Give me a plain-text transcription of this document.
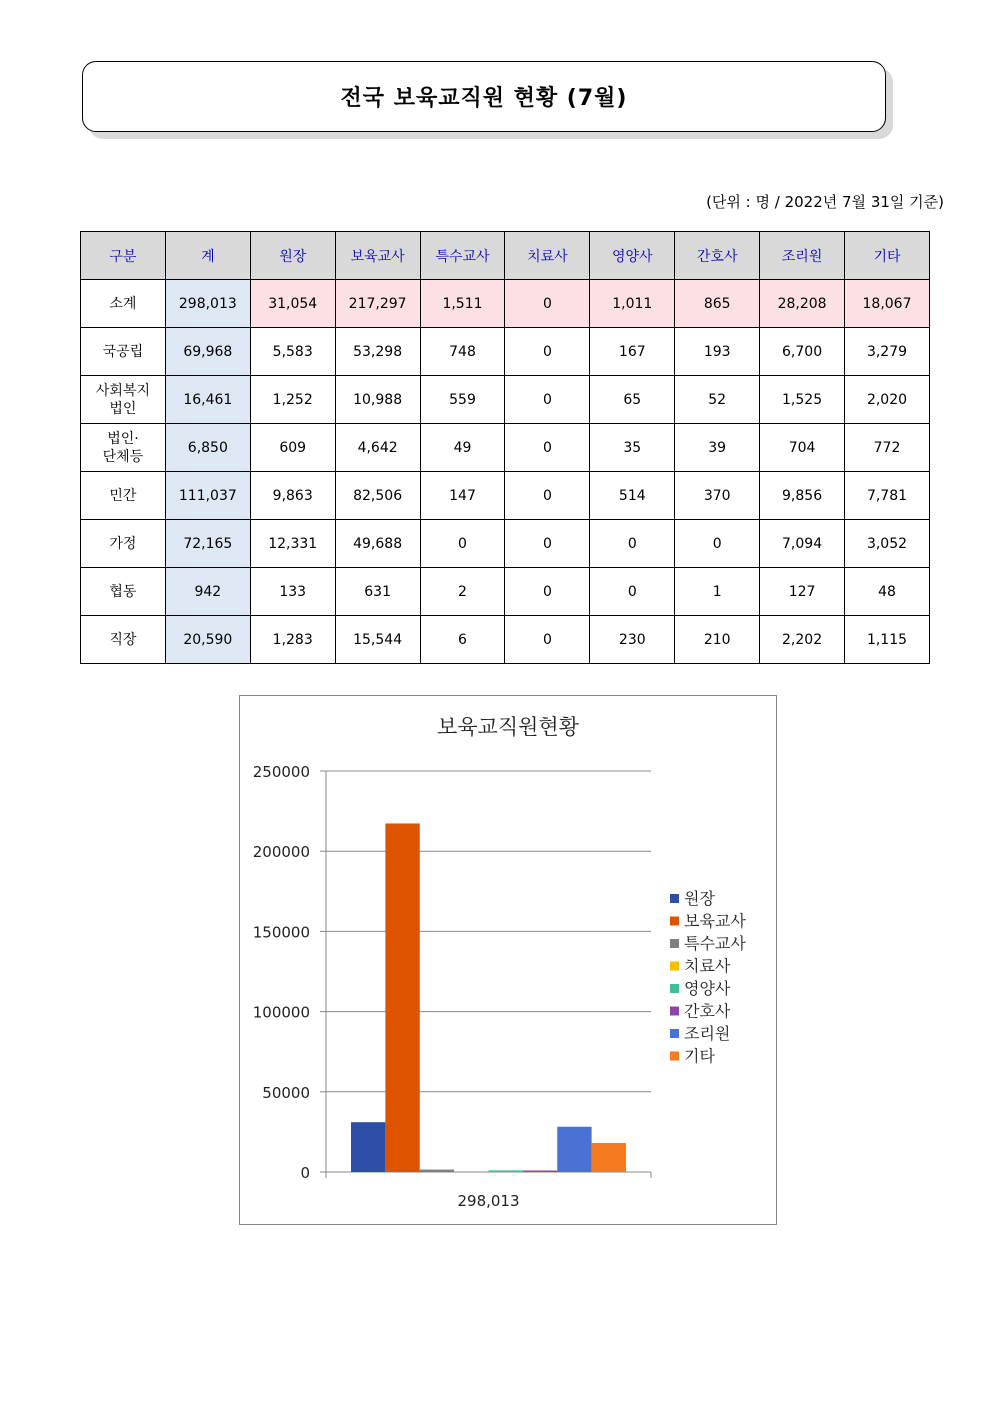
전국 보육교직원 현황 (7월)
(단위 : 명 / 2022년 7월 31일 기준)
구분	계	원장	보육교사	특수교사	치료사	영양사	간호사	조리원	기타
소계	298,013	31,054	217,297	1,511	0	1,011	865	28,208	18,067
국공립	69,968	5,583	53,298	748	0	167	193	6,700	3,279
사회복지
법인	16,461	1,252	10,988	559	0	65	52	1,525	2,020
법인·
단체등	6,850	609	4,642	49	0	35	39	704	772
민간	111,037	9,863	82,506	147	0	514	370	9,856	7,781
가정	72,165	12,331	49,688	0	0	0	0	7,094	3,052
협동	942	133	631	2	0	0	1	127	48
직장	20,590	1,283	15,544	6	0	230	210	2,202	1,115
보육교직원현황
0
50000
100000
150000
200000
250000
298,013
원장
보육교사
특수교사
치료사
영양사
간호사
조리원
기타
